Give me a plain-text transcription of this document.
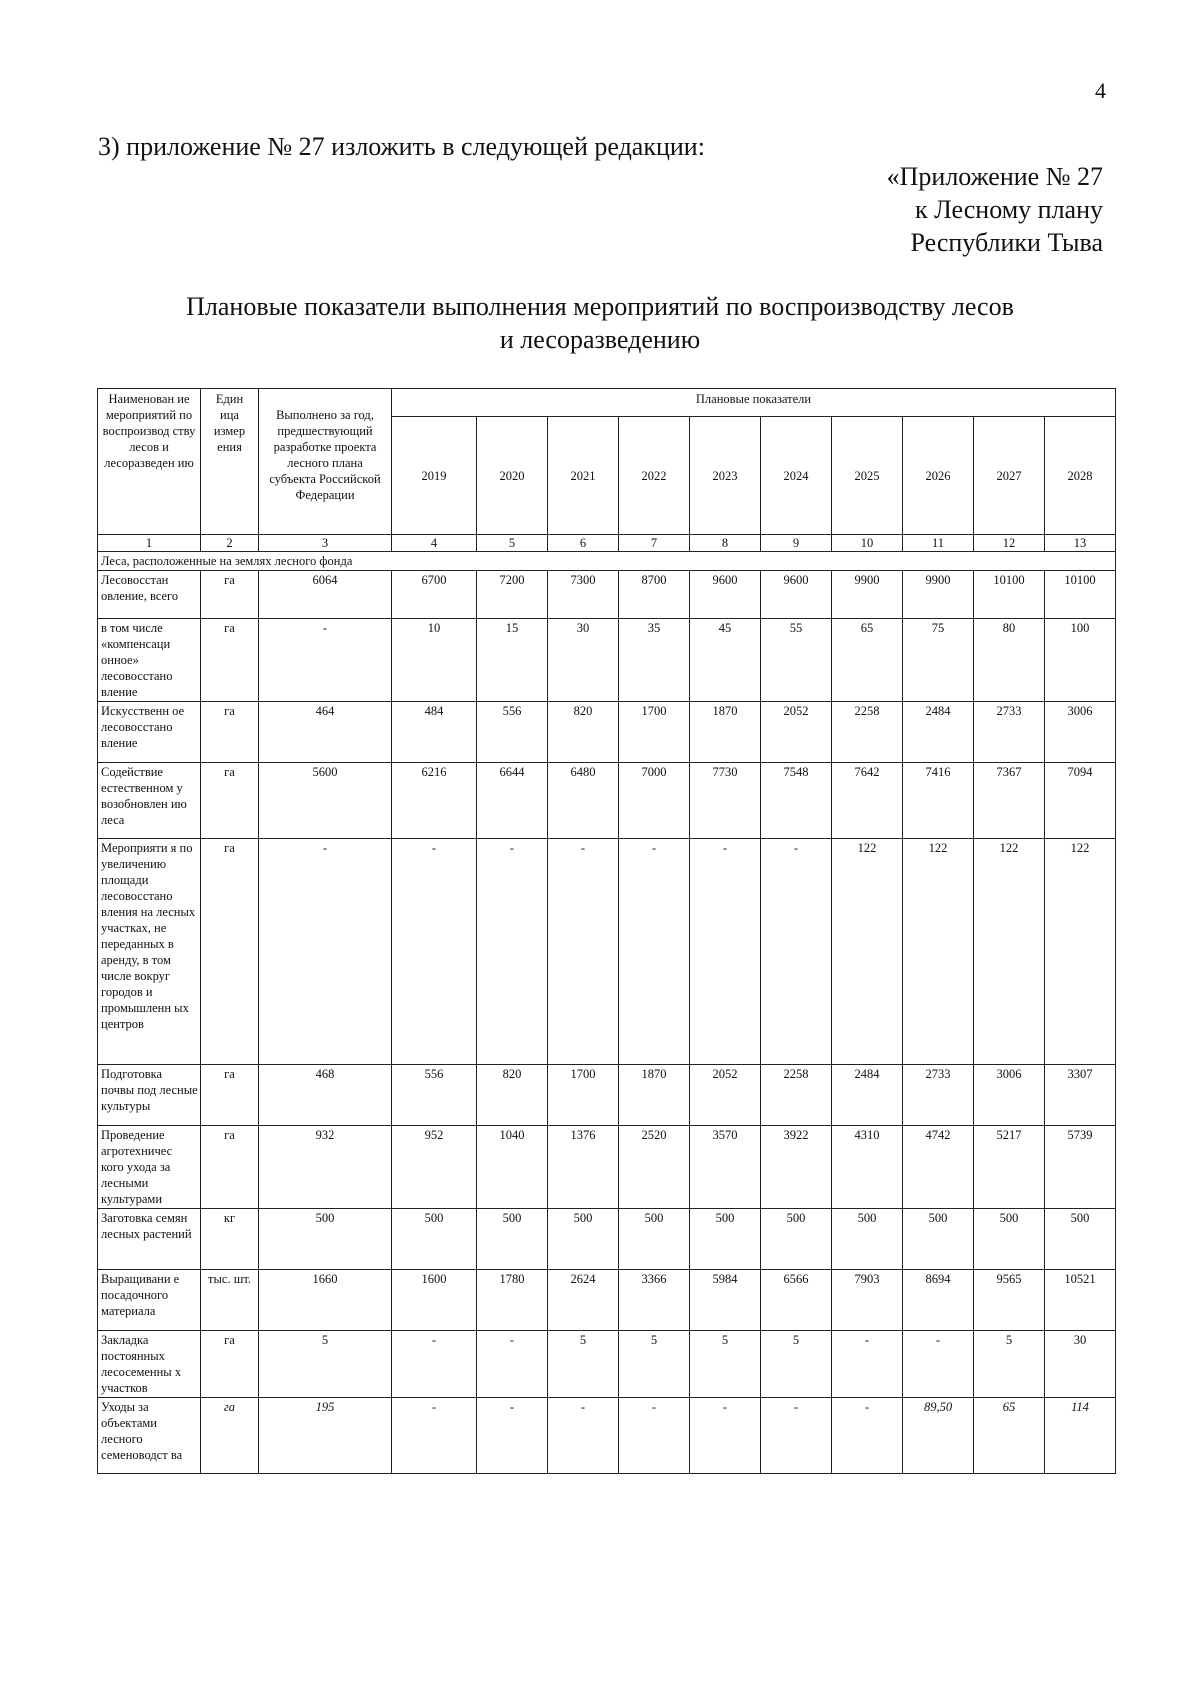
4
3) приложение № 27 изложить в следующей редакции:
«Приложение № 27
к Лесному плану
Республики Тыва
Плановые показатели выполнения мероприятий по воспроизводству лесов
и лесоразведению
Наименован ие мероприятий по воспроизвод ству лесов и лесоразведен ию	Един ица измер ения	Выполнено за год, предшествующий разработке проекта лесного плана субъекта Российской Федерации	Плановые показатели									
			2019	2020	2021	2022	2023	2024	2025	2026	2027	2028
1	2	3	4	5	6	7	8	9	10	11	12	13
Леса, расположенные на землях лесного фонда												
Лесовосстан овление, всего	га	6064	6700	7200	7300	8700	9600	9600	9900	9900	10100	10100
в том числе «компенсаци онное» лесовосстано вление	га	-	10	15	30	35	45	55	65	75	80	100
Искусственн ое лесовосстано вление	га	464	484	556	820	1700	1870	2052	2258	2484	2733	3006
Содействие естественном у возобновлен ию леса	га	5600	6216	6644	6480	7000	7730	7548	7642	7416	7367	7094
Мероприяти я по увеличению площади лесовосстано вления на лесных участках, не переданных в аренду, в том числе вокруг городов и промышленн ых центров	га	-	-	-	-	-	-	-	122	122	122	122
Подготовка почвы под лесные культуры	га	468	556	820	1700	1870	2052	2258	2484	2733	3006	3307
Проведение агротехничес кого ухода за лесными культурами	га	932	952	1040	1376	2520	3570	3922	4310	4742	5217	5739
Заготовка семян лесных растений	кг	500	500	500	500	500	500	500	500	500	500	500
Выращивани е посадочного материала	тыс. шт.	1660	1600	1780	2624	3366	5984	6566	7903	8694	9565	10521
Закладка постоянных лесосеменны х участков	га	5	-	-	5	5	5	5	-	-	5	30
Уходы за объектами лесного семеноводст ва	га	195	-	-	-	-	-	-	-	89,50	65	114
